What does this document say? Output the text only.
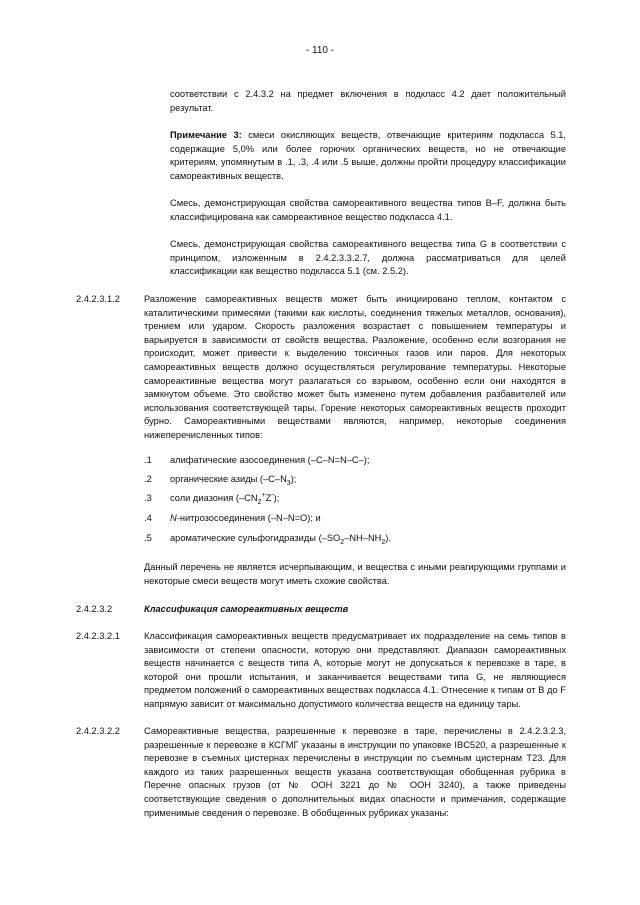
- 110 -
соответствии с 2.4.3.2 на предмет включения в подкласс 4.2 дает положительный результат.
Примечание 3: смеси окисляющих веществ, отвечающие критериям подкласса 5.1, содержащие 5,0% или более горючих органических веществ, но не отвечающие критериям, упомянутым в .1, .3, .4 или .5 выше, должны пройти процедуру классификации самореактивных веществ.
Смесь, демонстрирующая свойства самореактивного вещества типов B–F, должна быть классифицирована как самореактивное вещество подкласса 4.1.
Смесь, демонстрирующая свойства самореактивного вещества типа G в соответствии с принципом, изложенным в 2.4.2.3.3.2.7, должна рассматриваться для целей классификации как вещество подкласса 5.1 (см. 2.5.2).
2.4.2.3.1.2	Разложение самореактивных веществ может быть инициировано теплом, контактом с каталитическими примесями (такими как кислоты, соединения тяжелых металлов, основания), трением или ударом. Скорость разложения возрастает с повышением температуры и варьируется в зависимости от свойств вещества. Разложение, особенно если возгорания не происходит, может привести к выделению токсичных газов или паров. Для некоторых самореактивных веществ должно осуществляться регулирование температуры. Некоторые самореактивные вещества могут разлагаться со взрывом, особенно если они находятся в замкнутом объеме. Это свойство может быть изменено путем добавления разбавителей или использования соответствующей тары. Горение некоторых самореактивных веществ проходит бурно. Самореактивными веществами являются, например, некоторые соединения нижеперечисленных типов:
.1 алифатические азосоединения (–C–N=N–C–);
.2 органические азиды $(-C-N_3)$;
.3 соли диазония $(-CN_2^+Z^-)$;
.4 N-нитрозосоединения (–N–N=O); и
.5 ароматические сульфогидразиды $(-SO_2-NH-NH_2)$.
Данный перечень не является исчерпывающим, и вещества с иными реагирующими группами и некоторые смеси веществ могут иметь схожие свойства.
2.4.2.3.2	Классификация самореактивных веществ
2.4.2.3.2.1	Классификация самореактивных веществ предусматривает их подразделение на семь типов в зависимости от степени опасности, которую они представляют. Диапазон самореактивных веществ начинается с веществ типа A, которые могут не допускаться к перевозке в таре, в которой они прошли испытания, и заканчивается веществами типа G, не являющиеся предметом положений о самореактивных веществах подкласса 4.1. Отнесение к типам от B до F напрямую зависит от максимально допустимого количества веществ на единицу тары.
2.4.2.3.2.2	Самореактивные вещества, разрешенные к перевозке в таре, перечислены в 2.4.2.3.2.3, разрешенные к перевозке в КСГМГ указаны в инструкции по упаковке IBC520, а разрешенные к перевозке в съемных цистернах перечислены в инструкции по съемным цистернам T23. Для каждого из таких разрешенных веществ указана соответствующая обобщенная рубрика в Перечне опасных грузов (от № ООН 3221 до № ООН 3240), а также приведены соответствующие сведения о дополнительных видах опасности и примечания, содержащие применимые сведения о перевозке. В обобщенных рубриках указаны:
